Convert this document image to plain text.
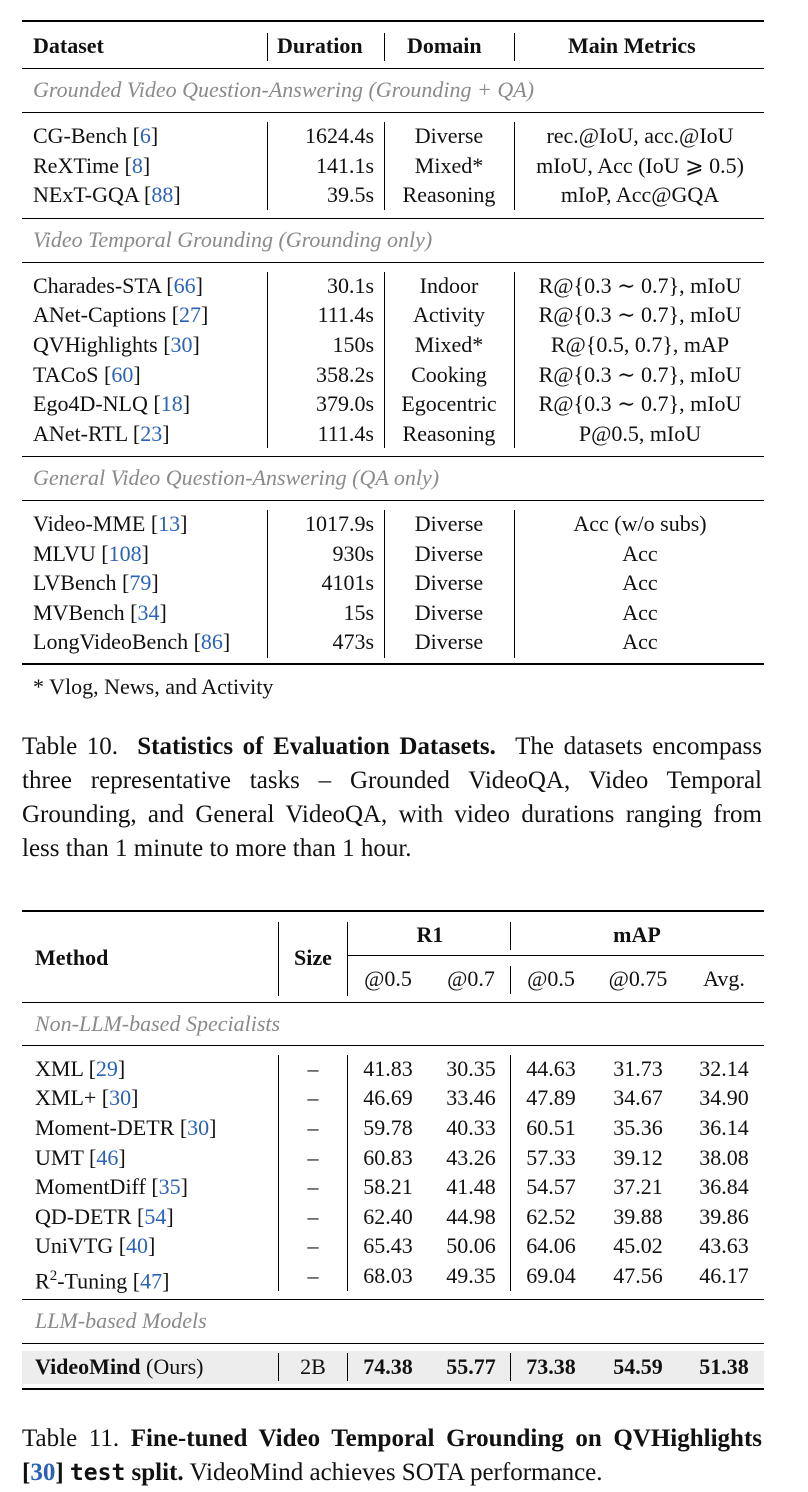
Dataset	Duration Domain	Main Metrics
Grounded Video Question-Answering (Grounding + QA)
CG-Bench [6]	1624.4s	Diverse	rec.@IoU, acc.@IoU
ReXTime [8]	141.1s	Mixed*	mIoU, Acc (IoU ⩾ 0.5)
NExT-GQA [88]	39.5s	Reasoning	mIoP, Acc@GQA
Video Temporal Grounding (Grounding only)
Charades-STA [66]	30.1s	Indoor	R@{0.3 ∼ 0.7}, mIoU
ANet-Captions [27]	111.4s	Activity	R@{0.3 ∼ 0.7}, mIoU
QVHighlights [30]	150s	Mixed*	R@{0.5, 0.7}, mAP
TACoS [60]	358.2s	Cooking	R@{0.3 ∼ 0.7}, mIoU
Ego4D-NLQ [18]	379.0s	Egocentric	R@{0.3 ∼ 0.7}, mIoU
ANet-RTL [23]	111.4s	Reasoning	P@0.5, mIoU
General Video Question-Answering (QA only)
Video-MME [13]	1017.9s	Diverse	Acc (w/o subs)
MLVU [108]	930s	Diverse	Acc
LVBench [79]	4101s	Diverse	Acc
MVBench [34]	15s	Diverse	Acc
LongVideoBench [86]	473s	Diverse	Acc
* Vlog, News, and Activity
Table 10. Statistics of Evaluation Datasets. The datasets encompass three representative tasks – Grounded VideoQA, Video Temporal Grounding, and General VideoQA, with video durations ranging from less than 1 minute to more than 1 hour.
Method	Size
R1	mAP
@0.5	@0.7	@0.5	@0.75	Avg.
Non-LLM-based Specialists
XML [29]	–	41.83	30.35	44.63	31.73	32.14
XML+ [30]	–	46.69	33.46	47.89	34.67	34.90
Moment-DETR [30]	–	59.78	40.33	60.51	35.36	36.14
UMT [46]	–	60.83	43.26	57.33	39.12	38.08
MomentDiff [35]	–	58.21	41.48	54.57	37.21	36.84
QD-DETR [54]	–	62.40	44.98	62.52	39.88	39.86
UniVTG [40]	–	65.43	50.06	64.06	45.02	43.63
$R^2$-Tuning [47]	–	68.03	49.35	69.04	47.56	46.17
LLM-based Models
VideoMind (Ours)	2B	74.38	55.77	73.38	54.59	51.38
Table 11. Fine-tuned Video Temporal Grounding on QVHighlights [30] test split. VideoMind achieves SOTA performance.
